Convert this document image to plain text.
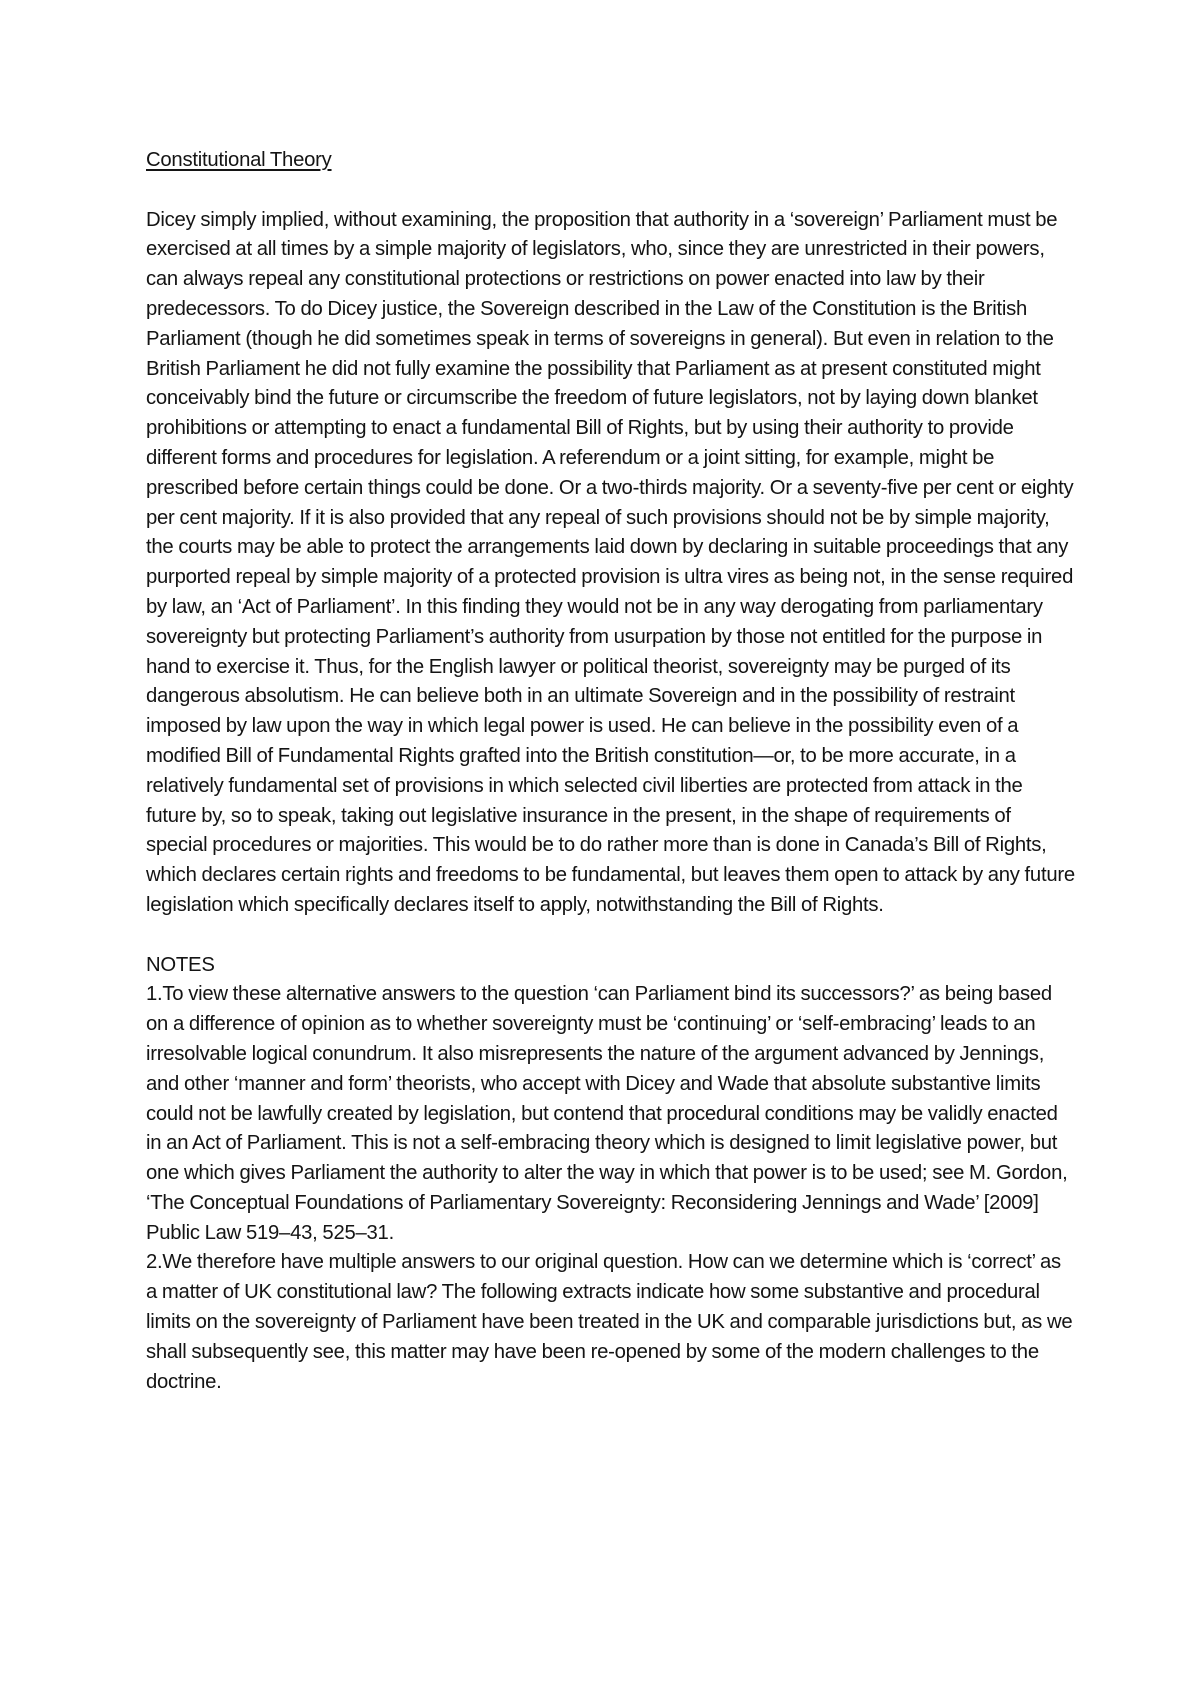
Constitutional Theory

Dicey simply implied, without examining, the proposition that authority in a ‘sovereign’ Parliament must be exercised at all times by a simple majority of legislators, who, since they are unrestricted in their powers, can always repeal any constitutional protections or restrictions on power enacted into law by their predecessors. To do Dicey justice, the Sovereign described in the Law of the Constitution is the British Parliament (though he did sometimes speak in terms of sovereigns in general). But even in relation to the British Parliament he did not fully examine the possibility that Parliament as at present constituted might conceivably bind the future or circumscribe the freedom of future legislators, not by laying down blanket prohibitions or attempting to enact a fundamental Bill of Rights, but by using their authority to provide different forms and procedures for legislation. A referendum or a joint sitting, for example, might be prescribed before certain things could be done. Or a two-thirds majority. Or a seventy-five per cent or eighty per cent majority. If it is also provided that any repeal of such provisions should not be by simple majority, the courts may be able to protect the arrangements laid down by declaring in suitable proceedings that any purported repeal by simple majority of a protected provision is ultra vires as being not, in the sense required by law, an ‘Act of Parliament’. In this finding they would not be in any way derogating from parliamentary sovereignty but protecting Parliament’s authority from usurpation by those not entitled for the purpose in hand to exercise it. Thus, for the English lawyer or political theorist, sovereignty may be purged of its dangerous absolutism. He can believe both in an ultimate Sovereign and in the possibility of restraint imposed by law upon the way in which legal power is used. He can believe in the possibility even of a modified Bill of Fundamental Rights grafted into the British constitution—or, to be more accurate, in a relatively fundamental set of provisions in which selected civil liberties are protected from attack in the future by, so to speak, taking out legislative insurance in the present, in the shape of requirements of special procedures or majorities. This would be to do rather more than is done in Canada’s Bill of Rights, which declares certain rights and freedoms to be fundamental, but leaves them open to attack by any future legislation which specifically declares itself to apply, notwithstanding the Bill of Rights.

NOTES

1.To view these alternative answers to the question ‘can Parliament bind its successors?’ as being based on a difference of opinion as to whether sovereignty must be ‘continuing’ or ‘self-embracing’ leads to an irresolvable logical conundrum. It also misrepresents the nature of the argument advanced by Jennings, and other ‘manner and form’ theorists, who accept with Dicey and Wade that absolute substantive limits could not be lawfully created by legislation, but contend that procedural conditions may be validly enacted in an Act of Parliament. This is not a self-embracing theory which is designed to limit legislative power, but one which gives Parliament the authority to alter the way in which that power is to be used; see M. Gordon, ‘The Conceptual Foundations of Parliamentary Sovereignty: Reconsidering Jennings and Wade’ [2009] Public Law 519–43, 525–31.

2.We therefore have multiple answers to our original question. How can we determine which is ‘correct’ as a matter of UK constitutional law? The following extracts indicate how some substantive and procedural limits on the sovereignty of Parliament have been treated in the UK and comparable jurisdictions but, as we shall subsequently see, this matter may have been re-opened by some of the modern challenges to the doctrine.
